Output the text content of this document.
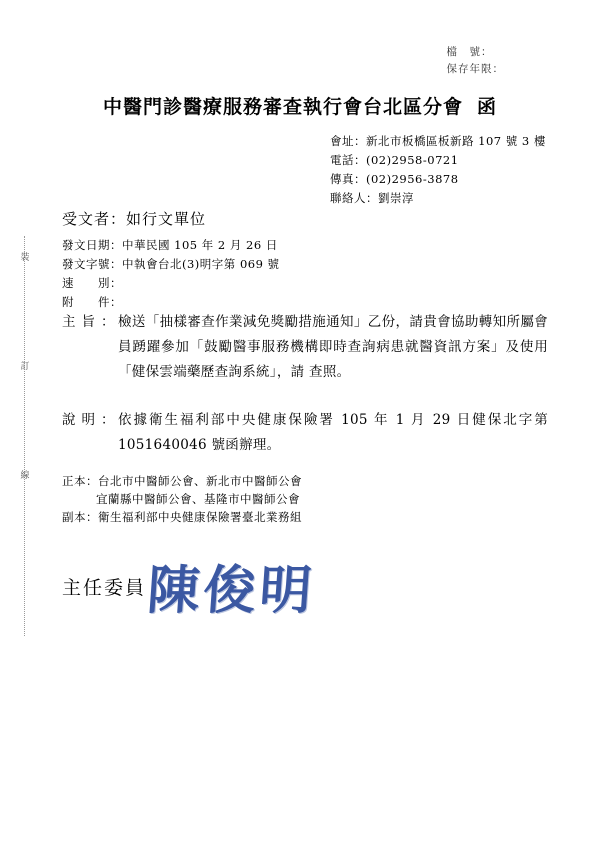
裝
訂
線
檔　號：
保存年限：
中醫門診醫療服務審查執行會台北區分會 函
會址：新北市板橋區板新路 107 號 3 樓
電話：(02)2958-0721
傳真：(02)2956-3878
聯絡人：劉崇淳
受文者：如行文單位
發文日期：中華民國 105 年 2 月 26 日
發文字號：中執會台北(3)明字第 069 號
速　　別：
附　　件：
主旨：
檢送「抽樣審查作業減免獎勵措施通知」乙份，請貴會協助轉知所屬會員踴躍參加「鼓勵醫事服務機構即時查詢病患就醫資訊方案」及使用「健保雲端藥歷查詢系統」，請 查照。
說明：
依據衛生福利部中央健康保險署 105 年 1 月 29 日健保北字第 1051640046 號函辦理。
正本：台北市中醫師公會、新北市中醫師公會
宜蘭縣中醫師公會、基隆市中醫師公會
副本：衛生福利部中央健康保險署臺北業務組
主任委員 陳俊明
